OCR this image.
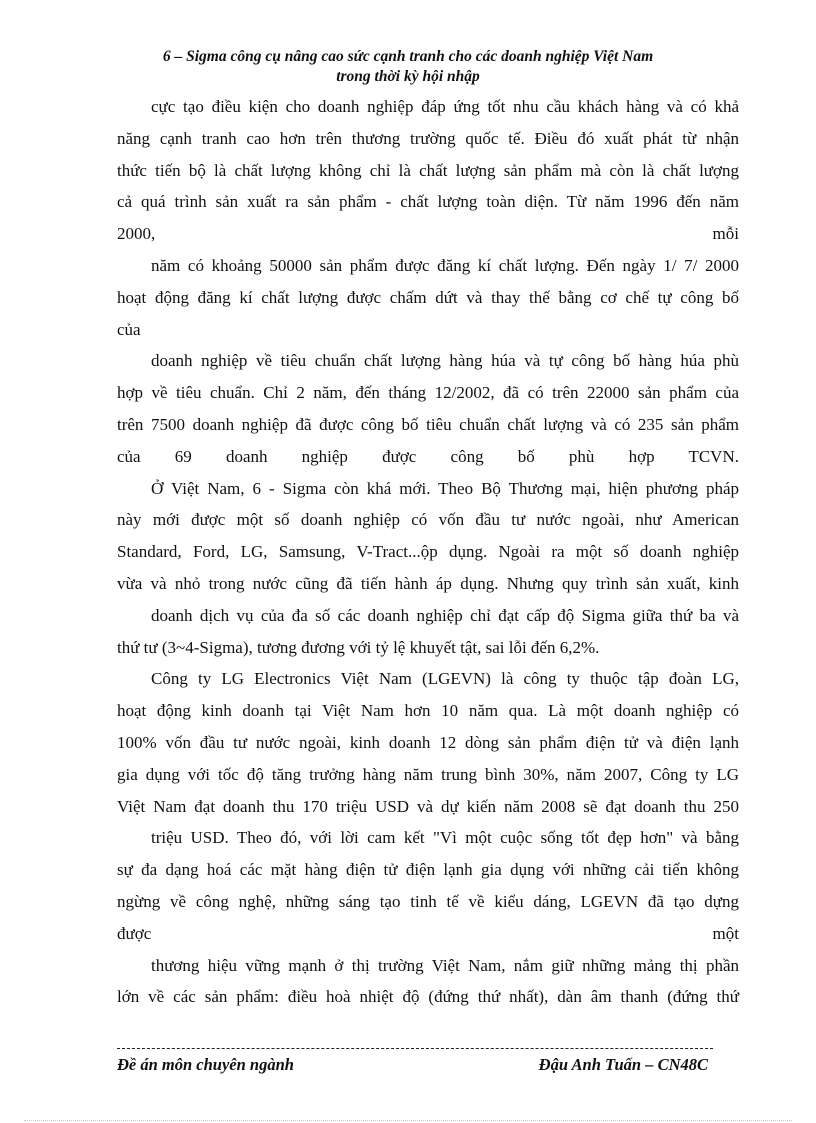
6 – Sigma công cụ nâng cao sức cạnh tranh cho các doanh nghiệp Việt Nam
trong thời kỳ hội nhập
cực tạo điều kiện cho doanh nghiệp đáp ứng tốt nhu cầu khách hàng và có khả
năng cạnh tranh cao hơn trên thương trường quốc tế. Điều đó xuất phát từ nhận
thức tiến bộ là chất lượng không chỉ là chất lượng sản phẩm mà còn là chất lượng
cả quá trình sản xuất ra sản phẩm - chất lượng toàn diện. Từ năm 1996 đến năm
2000, mỗi
năm có khoảng 50000 sản phẩm được đăng kí chất lượng. Đến ngày 1/ 7/ 2000
hoạt động đăng kí chất lượng được chấm dứt và thay thế bằng cơ chế tự công bố
của
doanh nghiệp về tiêu chuẩn chất lượng hàng húa và tự công bố hàng húa phù
hợp về tiêu chuẩn. Chỉ 2 năm, đến tháng 12/2002, đã có trên 22000 sản phẩm của
trên 7500 doanh nghiệp đã được công bố tiêu chuẩn chất lượng và có 235 sản phẩm
của 69 doanh nghiệp được công bố phù hợp TCVN.
Ở Việt Nam, 6 - Sigma còn khá mới. Theo Bộ Thương mại, hiện phương pháp
này mới được một số doanh nghiệp có vốn đầu tư nước ngoài, như American
Standard, Ford, LG, Samsung, V-Tract...ộp dụng. Ngoài ra một số doanh nghiệp
vừa và nhỏ trong nước cũng đã tiến hành áp dụng. Nhưng quy trình sản xuất, kinh
doanh dịch vụ của đa số các doanh nghiệp chỉ đạt cấp độ Sigma giữa thứ ba và
thứ tư (3~4-Sigma), tương đương với tỷ lệ khuyết tật, sai lỗi đến 6,2%.
Công ty LG Electronics Việt Nam (LGEVN) là công ty thuộc tập đoàn LG,
hoạt động kinh doanh tại Việt Nam hơn 10 năm qua. Là một doanh nghiệp có
100% vốn đầu tư nước ngoài, kinh doanh 12 dòng sản phẩm điện tử và điện lạnh
gia dụng với tốc độ tăng trưởng hàng năm trung bình 30%, năm 2007, Công ty LG
Việt Nam đạt doanh thu 170 triệu USD và dự kiến năm 2008 sẽ đạt doanh thu 250
triệu USD. Theo đó, với lời cam kết "Vì một cuộc sống tốt đẹp hơn" và bằng
sự đa dạng hoá các mặt hàng điện tử điện lạnh gia dụng với những cải tiến không
ngừng về công nghệ, những sáng tạo tinh tế về kiểu dáng, LGEVN đã tạo dựng
được một
thương hiệu vững mạnh ở thị trường Việt Nam, nắm giữ những mảng thị phần
lớn về các sản phẩm: điều hoà nhiệt độ (đứng thứ nhất), dàn âm thanh (đứng thứ
Đề án môn chuyên ngành	Đậu Anh Tuấn – CN48C
